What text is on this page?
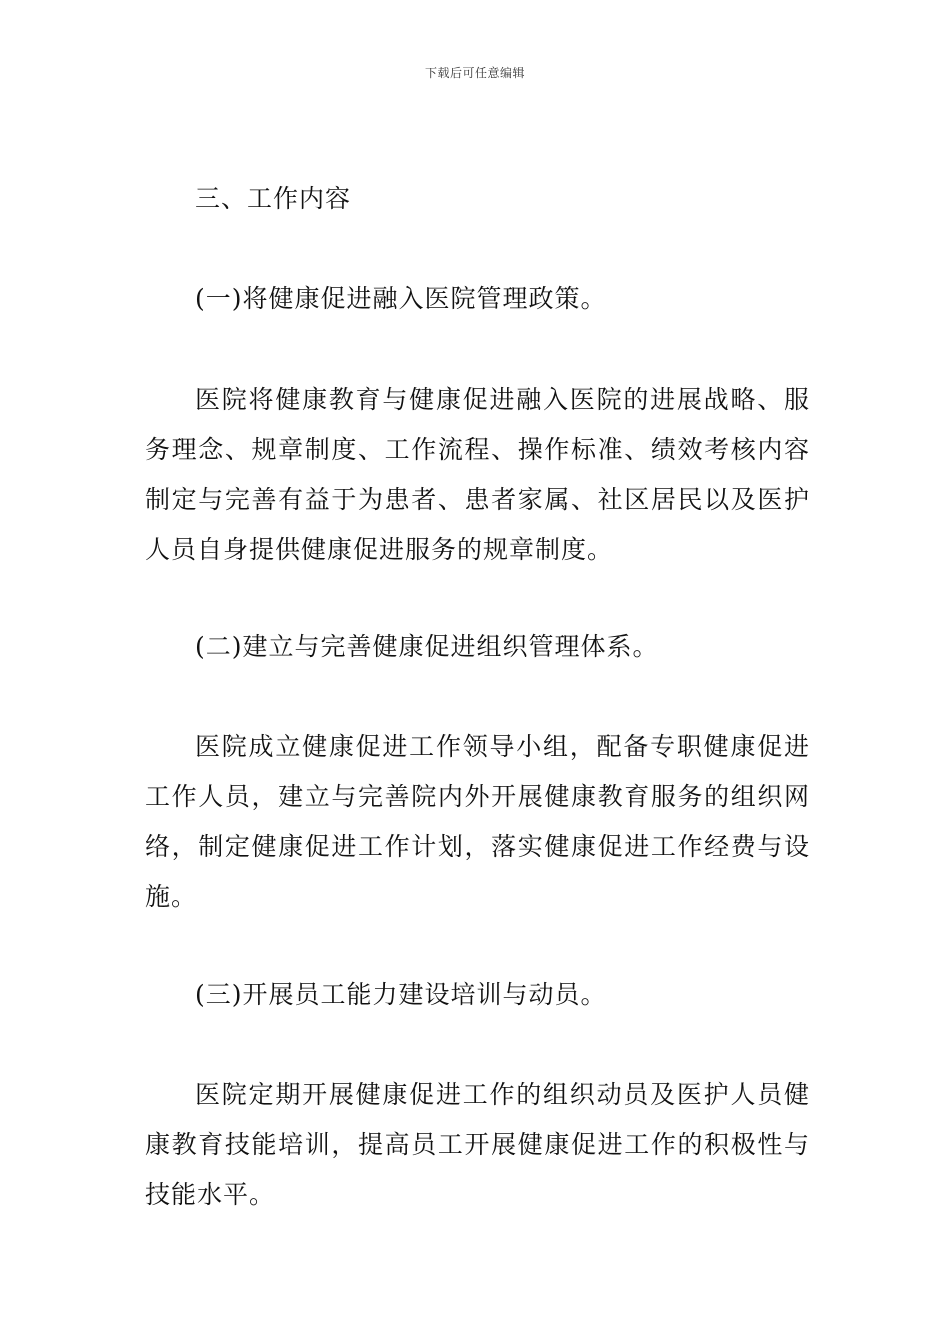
下载后可任意编辑
三、工作内容
(一)将健康促进融入医院管理政策。
医院将健康教育与健康促进融入医院的进展战略、服
务理念、规章制度、工作流程、操作标准、绩效考核内容
制定与完善有益于为患者、患者家属、社区居民以及医护
人员自身提供健康促进服务的规章制度。
(二)建立与完善健康促进组织管理体系。
医院成立健康促进工作领导小组，配备专职健康促进
工作人员，建立与完善院内外开展健康教育服务的组织网
络，制定健康促进工作计划，落实健康促进工作经费与设
施。
(三)开展员工能力建设培训与动员。
医院定期开展健康促进工作的组织动员及医护人员健
康教育技能培训，提高员工开展健康促进工作的积极性与
技能水平。
